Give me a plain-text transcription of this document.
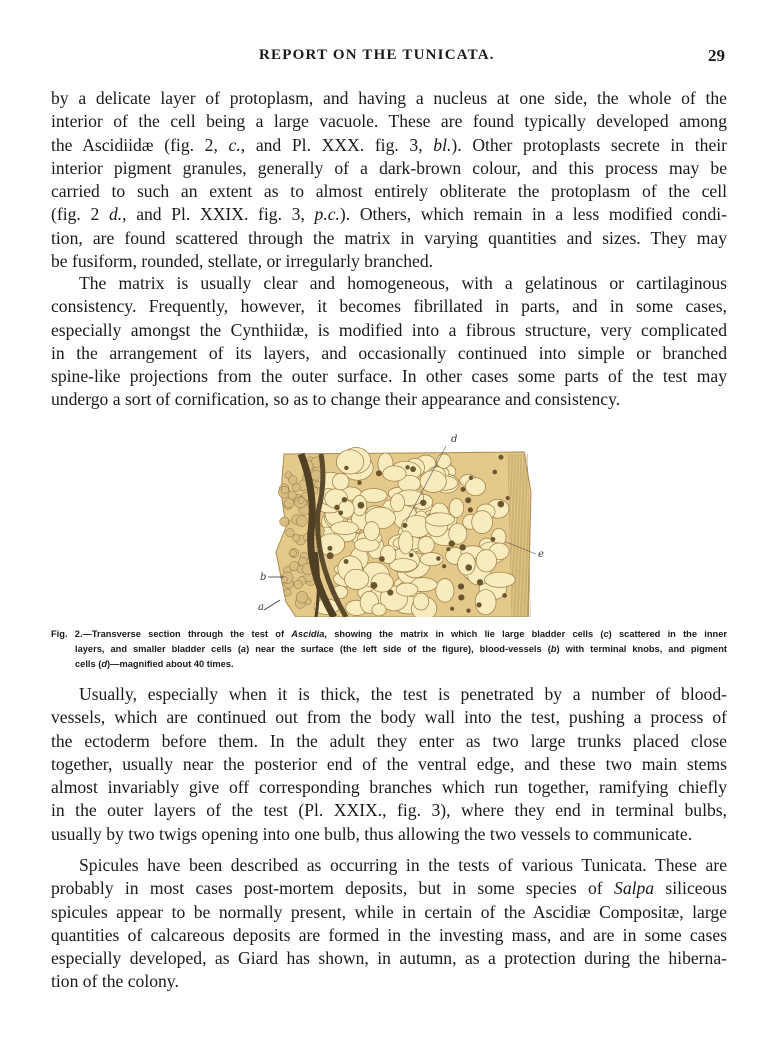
REPORT ON THE TUNICATA.	29
by a delicate layer of protoplasm, and having a nucleus at one side, the whole of the
interior of the cell being a large vacuole. These are found typically developed among
the Ascidiidæ (fig. 2, c., and Pl. XXX. fig. 3, bl.). Other protoplasts secrete in their
interior pigment granules, generally of a dark-brown colour, and this process may be
carried to such an extent as to almost entirely obliterate the protoplasm of the cell
(fig. 2 d., and Pl. XXIX. fig. 3, p.c.). Others, which remain in a less modified condi-
tion, are found scattered through the matrix in varying quantities and sizes. They may
be fusiform, rounded, stellate, or irregularly branched.
The matrix is usually clear and homogeneous, with a gelatinous or cartilaginous
consistency. Frequently, however, it becomes fibrillated in parts, and in some cases,
especially amongst the Cynthiidæ, is modified into a fibrous structure, very complicated
in the arrangement of its layers, and occasionally continued into simple or branched
spine-like projections from the outer surface. In other cases some parts of the test may
undergo a sort of cornification, so as to change their appearance and consistency.
d
e
b
a
Fig. 2.—Transverse section through the test of Ascidia, showing the matrix in which lie large bladder cells (c) scattered in the inner
layers, and smaller bladder cells (a) near the surface (the left side of the figure), blood-vessels (b) with terminal knobs, and pigment
cells (d)—magnified about 40 times.
Usually, especially when it is thick, the test is penetrated by a number of blood-
vessels, which are continued out from the body wall into the test, pushing a process of
the ectoderm before them. In the adult they enter as two large trunks placed close
together, usually near the posterior end of the ventral edge, and these two main stems
almost invariably give off corresponding branches which run together, ramifying chiefly
in the outer layers of the test (Pl. XXIX., fig. 3), where they end in terminal bulbs,
usually by two twigs opening into one bulb, thus allowing the two vessels to communicate.
Spicules have been described as occurring in the tests of various Tunicata. These are
probably in most cases post-mortem deposits, but in some species of Salpa siliceous
spicules appear to be normally present, while in certain of the Ascidiæ Compositæ, large
quantities of calcareous deposits are formed in the investing mass, and are in some cases
especially developed, as Giard has shown, in autumn, as a protection during the hiberna-
tion of the colony.
